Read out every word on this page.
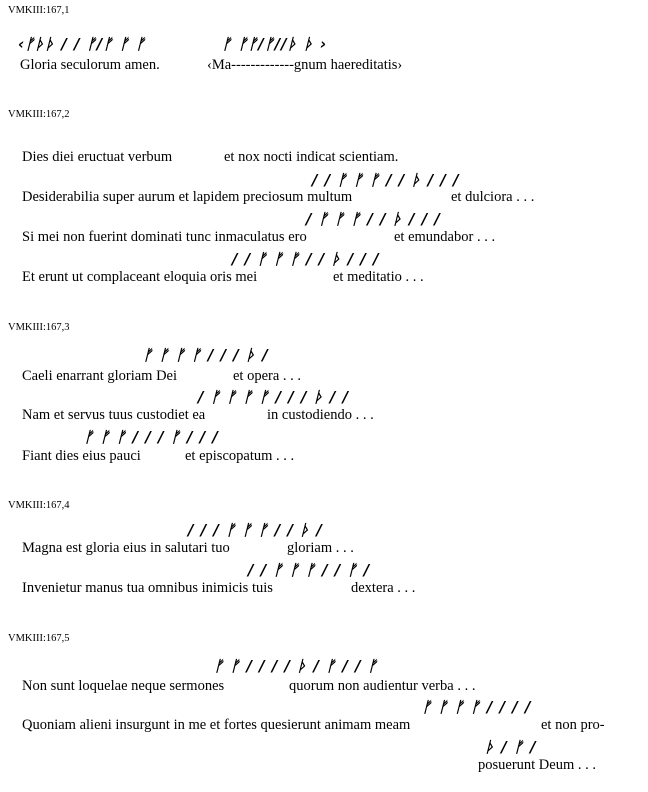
VMKIII:167,1
‹ᚠᚦᚦ / / ᚠ/ᚠ ᚠ ᚠ	ᚠ ᚠᚠ/ᚠ//ᚦ ᚦ ›
Gloria seculorum amen.	‹Ma-------------gnum haereditatis›
VMKIII:167,2
Dies diei eructuat verbum	et nox nocti indicat scientiam.
/ / ᚠ ᚠ ᚠ / / ᚦ / / /
Desiderabilia super aurum et lapidem preciosum multum	et dulciora . . .
/ ᚠ ᚠ ᚠ / / ᚦ / / /
Si mei non fuerint dominati tunc inmaculatus ero	et emundabor . . .
/ / ᚠ ᚠ ᚠ / / ᚦ / / /
Et erunt ut complaceant eloquia oris mei	et meditatio . . .
VMKIII:167,3
ᚠ ᚠ ᚠ ᚠ / / / ᚦ /
Caeli enarrant gloriam Dei	et opera . . .
/ ᚠ ᚠ ᚠ ᚠ / / / ᚦ / /
Nam et servus tuus custodiet ea	in custodiendo . . .
ᚠ ᚠ ᚠ / / / ᚠ / / /
Fiant dies eius pauci	et episcopatum . . .
VMKIII:167,4
/ / / ᚠ ᚠ ᚠ / / ᚦ /
Magna est gloria eius in salutari tuo	gloriam . . .
/ / ᚠ ᚠ ᚠ / / ᚠ /
Invenietur manus tua omnibus inimicis tuis	dextera . . .
VMKIII:167,5
ᚠ ᚠ / / / / ᚦ / ᚠ / / ᚠ
Non sunt loquelae neque sermones	quorum non audientur verba . . .
ᚠ ᚠ ᚠ ᚠ / / / /
Quoniam alieni insurgunt in me et fortes quesierunt animam meam	et non pro-
ᚦ / ᚠ /
posuerunt Deum . . .
